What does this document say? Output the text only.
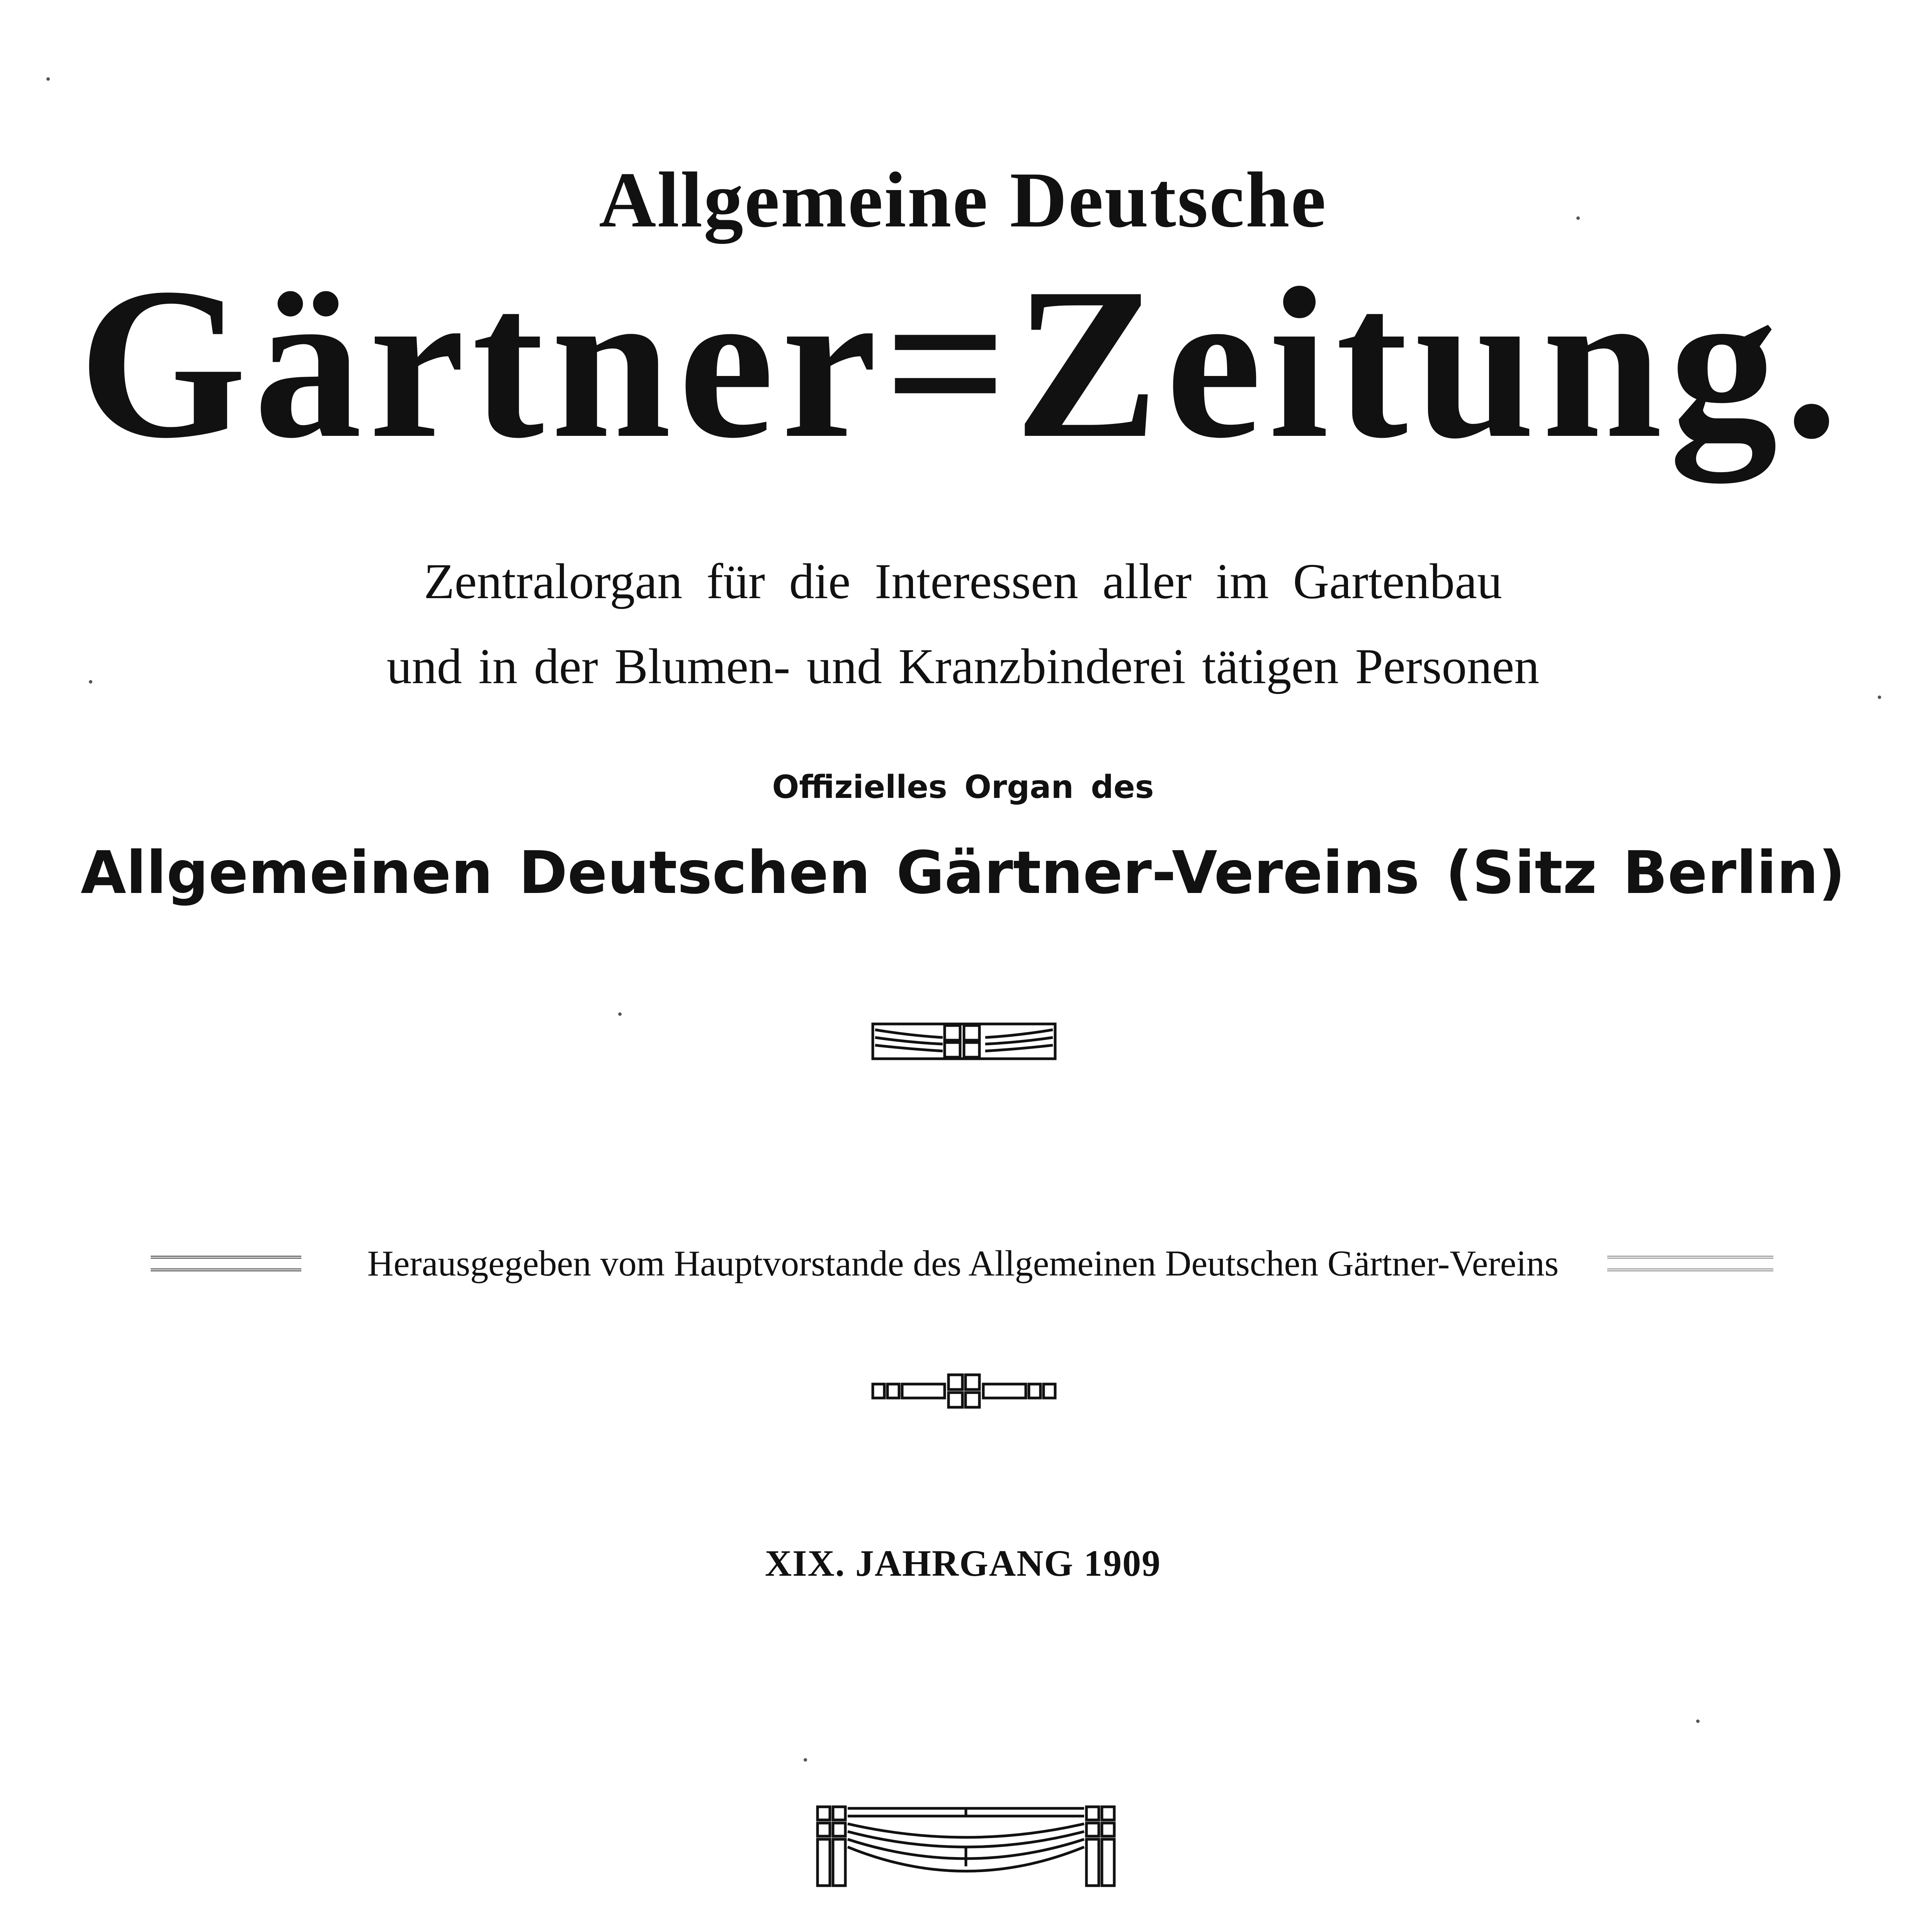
Allgemeine Deutsche
Gärtner=Zeitung.
Zentralorgan für die Interessen aller im Gartenbau
und in der Blumen- und Kranzbinderei tätigen Personen
Offizielles Organ des
Allgemeinen Deutschen Gärtner-Vereins (Sitz Berlin)
Herausgegeben vom Hauptvorstande des Allgemeinen Deutschen Gärtner-Vereins
XIX. JAHRGANG 1909
